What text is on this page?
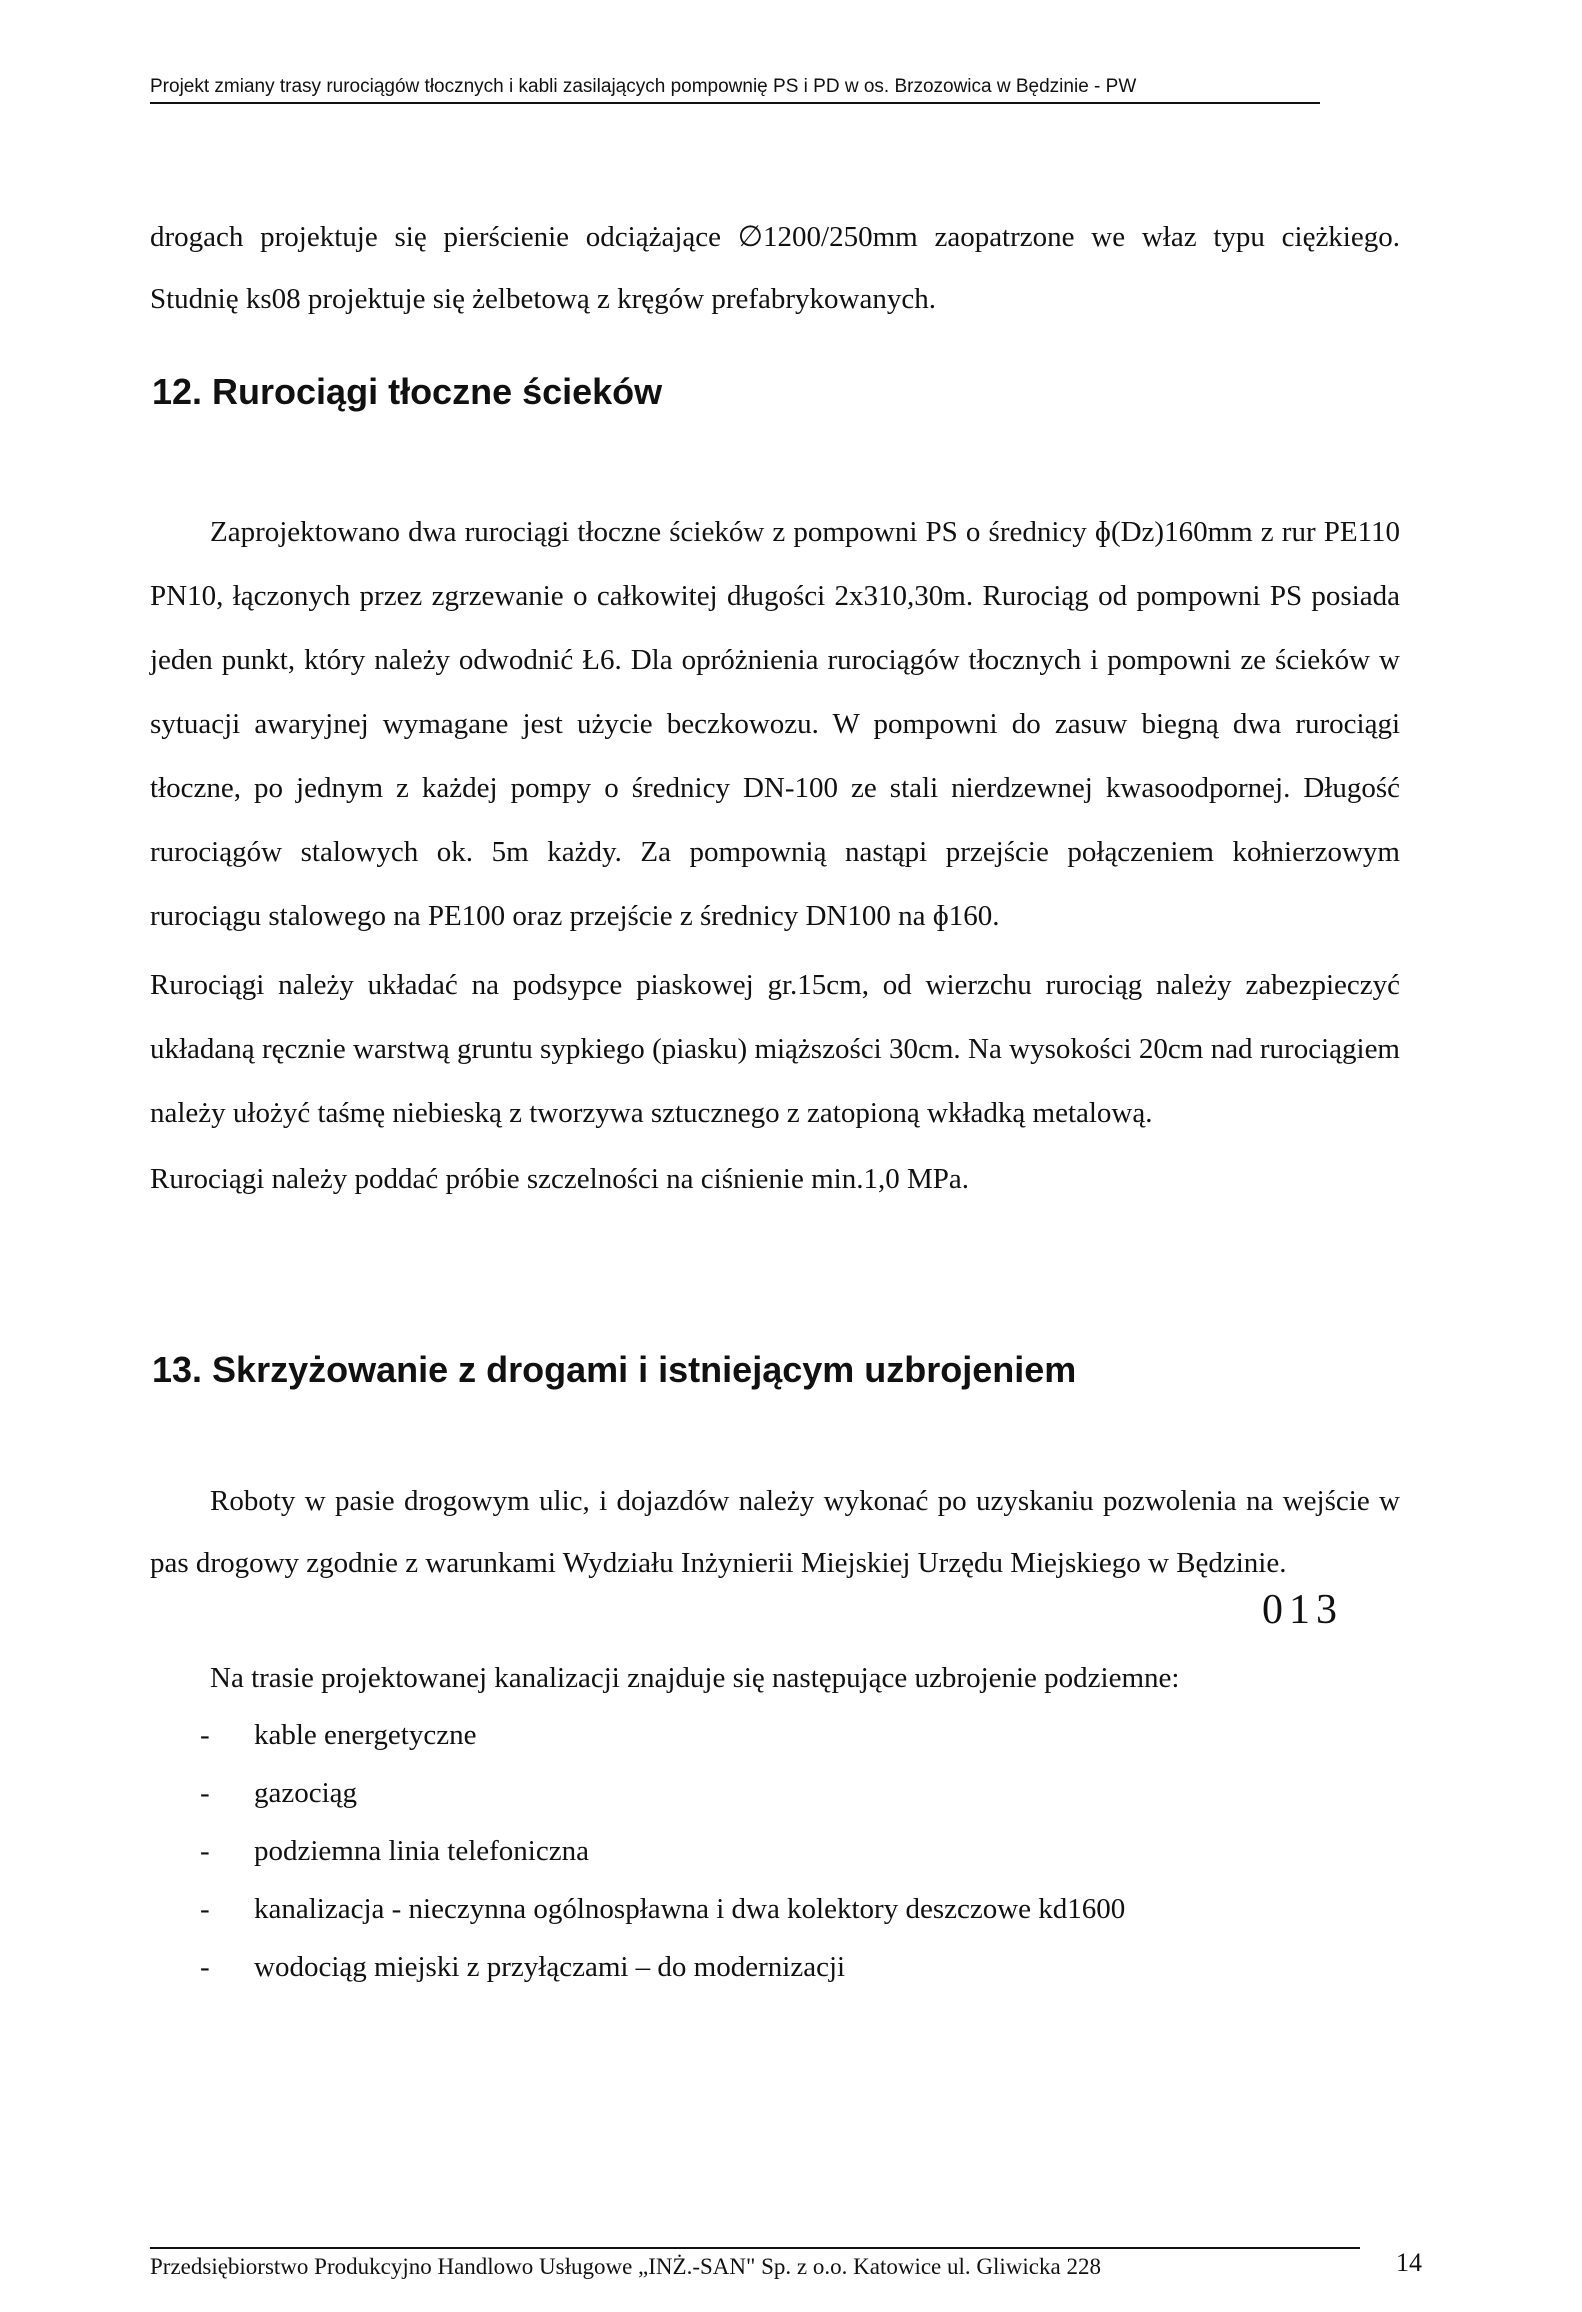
Projekt zmiany trasy rurociągów tłocznych i kabli zasilających pompownię PS i PD w os. Brzozowica w Będzinie - PW

drogach projektuje się pierścienie odciążające ∅1200/250mm zaopatrzone we właz typu ciężkiego. Studnię ks08 projektuje się żelbetową z kręgów prefabrykowanych.

12. Rurociągi tłoczne ścieków

Zaprojektowano dwa rurociągi tłoczne ścieków z pompowni PS o średnicy ɸ(Dz)160mm z rur PE110 PN10, łączonych przez zgrzewanie o całkowitej długości 2x310,30m. Rurociąg od pompowni PS posiada jeden punkt, który należy odwodnić Ł6. Dla opróżnienia rurociągów tłocznych i pompowni ze ścieków w sytuacji awaryjnej wymagane jest użycie beczkowozu. W pompowni do zasuw biegną dwa rurociągi tłoczne, po jednym z każdej pompy o średnicy DN-100 ze stali nierdzewnej kwasoodpornej. Długość rurociągów stalowych ok. 5m każdy. Za pompownią nastąpi przejście połączeniem kołnierzowym rurociągu stalowego na PE100 oraz przejście z średnicy DN100 na ɸ160.

Rurociągi należy układać na podsypce piaskowej gr.15cm, od wierzchu rurociąg należy zabezpieczyć układaną ręcznie warstwą gruntu sypkiego (piasku) miąższości 30cm. Na wysokości 20cm nad rurociągiem należy ułożyć taśmę niebieską z tworzywa sztucznego z zatopioną wkładką metalową.

Rurociągi należy poddać próbie szczelności na ciśnienie min.1,0 MPa.

13. Skrzyżowanie z drogami i istniejącym uzbrojeniem

Roboty w pasie drogowym ulic, i dojazdów należy wykonać po uzyskaniu pozwolenia na wejście w pas drogowy zgodnie z warunkami Wydziału Inżynierii Miejskiej Urzędu Miejskiego w Będzinie.

Na trasie projektowanej kanalizacji znajduje się następujące uzbrojenie podziemne:

- kable energetyczne
- gazociąg
- podziemna linia telefoniczna
- kanalizacja - nieczynna ogólnospławna i dwa kolektory deszczowe kd1600
- wodociąg miejski z przyłączami – do modernizacji
013
Przedsiębiorstwo Produkcyjno Handlowo Usługowe „INŻ.-SAN" Sp. z o.o. Katowice ul. Gliwicka 228	14
